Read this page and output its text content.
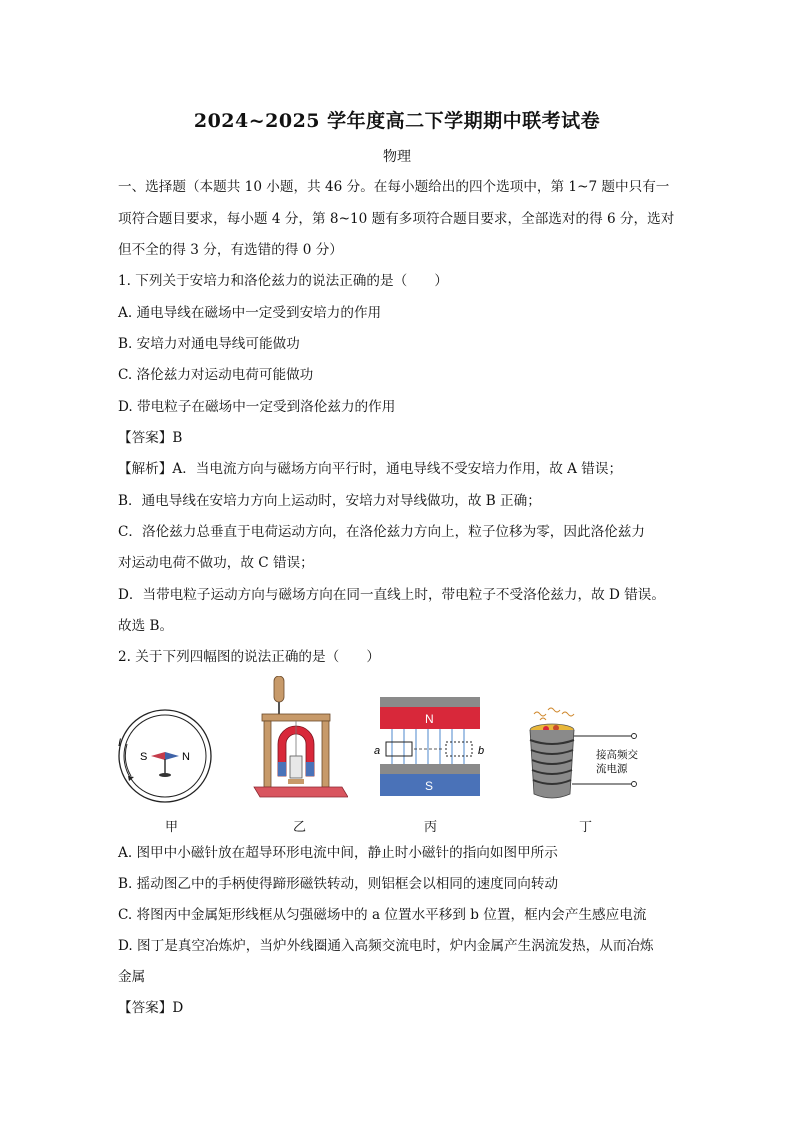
2024~2025 学年度高二下学期期中联考试卷
物理
一、选择题（本题共 10 小题，共 46 分。在每小题给出的四个选项中，第 1~7 题中只有一
项符合题目要求，每小题 4 分，第 8~10 题有多项符合题目要求，全部选对的得 6 分，选对
但不全的得 3 分，有选错的得 0 分）
1. 下列关于安培力和洛伦兹力的说法正确的是（　　）
A. 通电导线在磁场中一定受到安培力的作用
B. 安培力对通电导线可能做功
C. 洛伦兹力对运动电荷可能做功
D. 带电粒子在磁场中一定受到洛伦兹力的作用
【答案】B
【解析】A．当电流方向与磁场方向平行时，通电导线不受安培力作用，故 A 错误；
B．通电导线在安培力方向上运动时，安培力对导线做功，故 B 正确；
C．洛伦兹力总垂直于电荷运动方向，在洛伦兹力方向上，粒子位移为零，因此洛伦兹力
对运动电荷不做功，故 C 错误；
D．当带电粒子运动方向与磁场方向在同一直线上时，带电粒子不受洛伦兹力，故 D 错误。
故选 B。
2. 关于下列四幅图的说法正确的是（　　）
I
S	N
N
S
a	b	接高频交
流电源
甲	乙	丙	丁
A. 图甲中小磁针放在超导环形电流中间，静止时小磁针的指向如图甲所示
B. 摇动图乙中的手柄使得蹄形磁铁转动，则铝框会以相同的速度同向转动
C. 将图丙中金属矩形线框从匀强磁场中的 a 位置水平移到 b 位置，框内会产生感应电流
D. 图丁是真空冶炼炉，当炉外线圈通入高频交流电时，炉内金属产生涡流发热，从而冶炼
金属
【答案】D
